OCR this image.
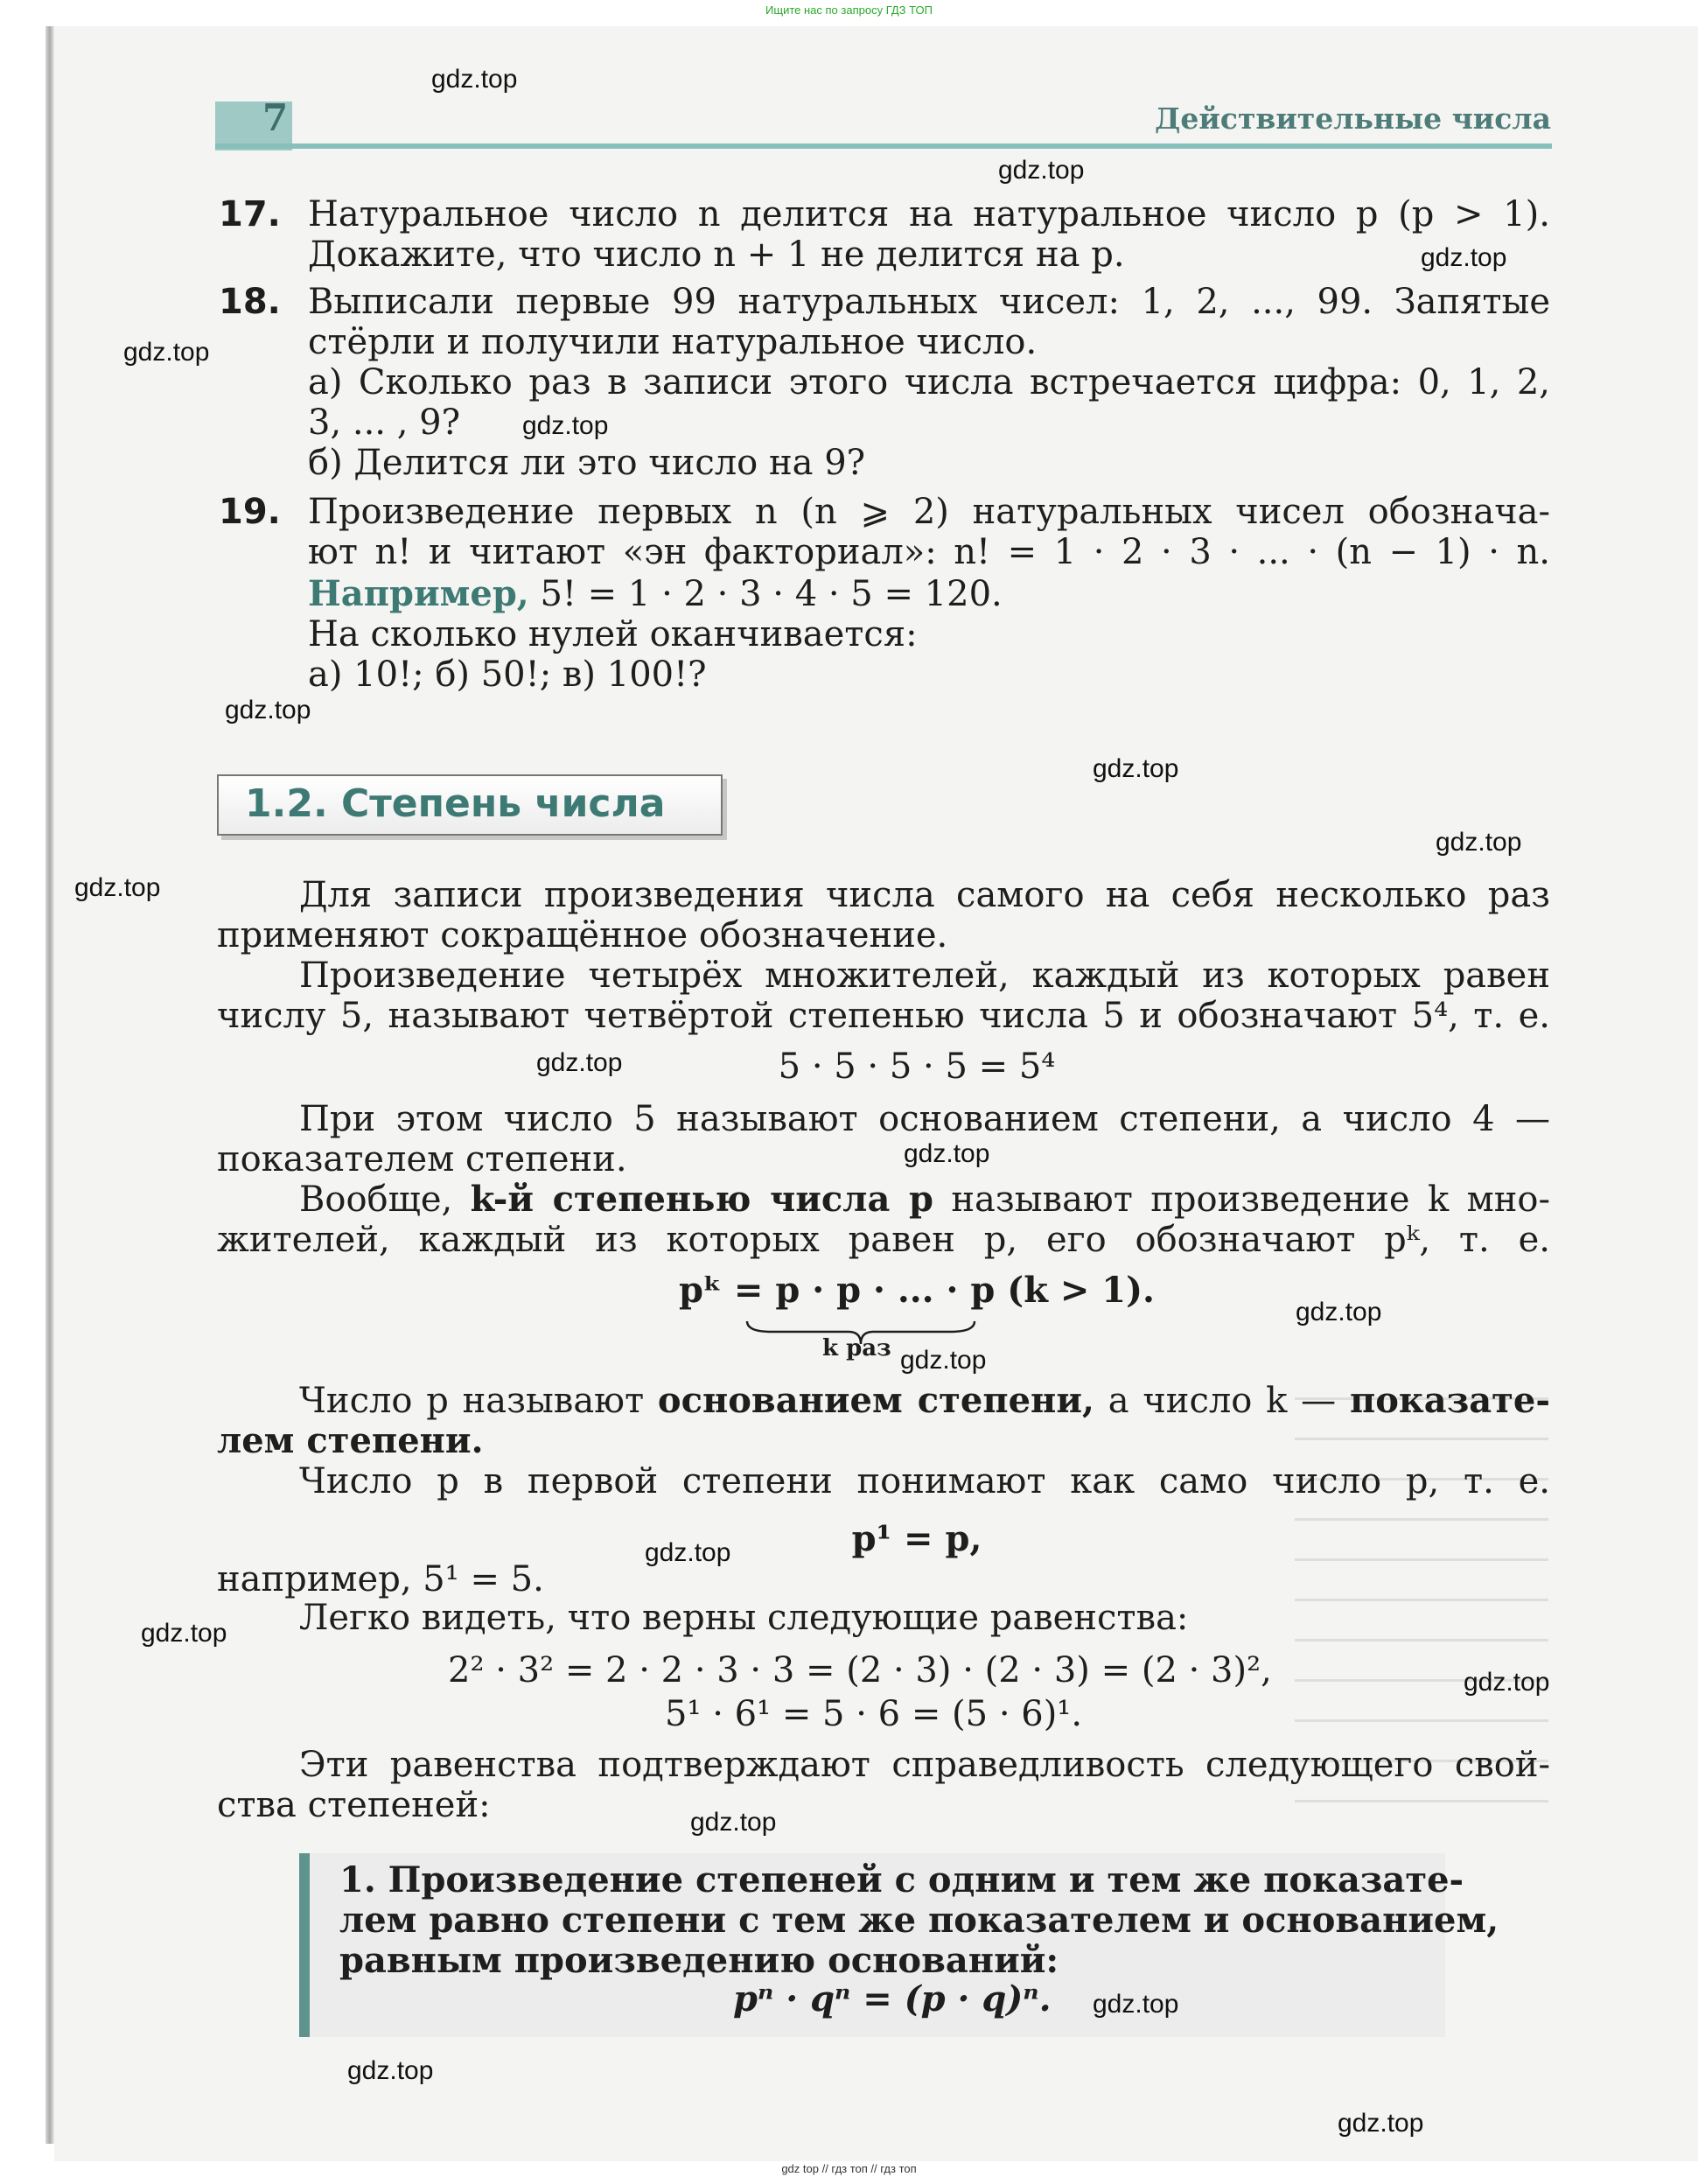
Ищите нас по запросу ГДЗ ТОП
7	Действительные числа
17. Натуральное число n делится на натуральное число p (p > 1).
Докажите, что число n + 1 не делится на p.
18. Выписали первые 99 натуральных чисел: 1, 2, ..., 99. Запятые
стёрли и получили натуральное число.
а) Сколько раз в записи этого числа встречается цифра: 0, 1, 2,
3, ... , 9?
б) Делится ли это число на 9?
19. Произведение первых n (n ⩾ 2) натуральных чисел обознача-
ют n! и читают «эн факториал»: n! = 1 · 2 · 3 · ... · (n − 1) · n.
Например, 5! = 1 · 2 · 3 · 4 · 5 = 120.
На сколько нулей оканчивается:
а) 10!; б) 50!; в) 100!?
1.2. Степень числа
Для записи произведения числа самого на себя несколько раз
применяют сокращённое обозначение.
Произведение четырёх множителей, каждый из которых равен
числу 5, называют четвёртой степенью числа 5 и обозначают 5⁴, т. е.
5 · 5 · 5 · 5 = 5⁴
При этом число 5 называют основанием степени, а число 4 —
показателем степени.
Вообще, k-й степенью числа p называют произведение k мно-
жителей, каждый из которых равен p, его обозначают pᵏ, т. е.
pᵏ = p · p · ... · p (k > 1).
k раз
Число p называют основанием степени, а число k — показате-
лем степени.
Число p в первой степени понимают как само число p, т. е.
p¹ = p,
например, 5¹ = 5.
Легко видеть, что верны следующие равенства:
2² · 3² = 2 · 2 · 3 · 3 = (2 · 3) · (2 · 3) = (2 · 3)²,
5¹ · 6¹ = 5 · 6 = (5 · 6)¹.
Эти равенства подтверждают справедливость следующего свой-
ства степеней:
1. Произведение степеней с одним и тем же показате-
лем равно степени с тем же показателем и основанием,
равным произведению оснований:
pⁿ · qⁿ = (p · q)ⁿ.
gdz.top
gdz.top
gdz.top
gdz.top
gdz.top
gdz.top
gdz.top
gdz.top
gdz.top
gdz.top
gdz.top
gdz.top
gdz.top
gdz.top
gdz.top
gdz.top
gdz.top
gdz.top
gdz.top
gdz.top
gdz top // гдз топ // гдз топ
